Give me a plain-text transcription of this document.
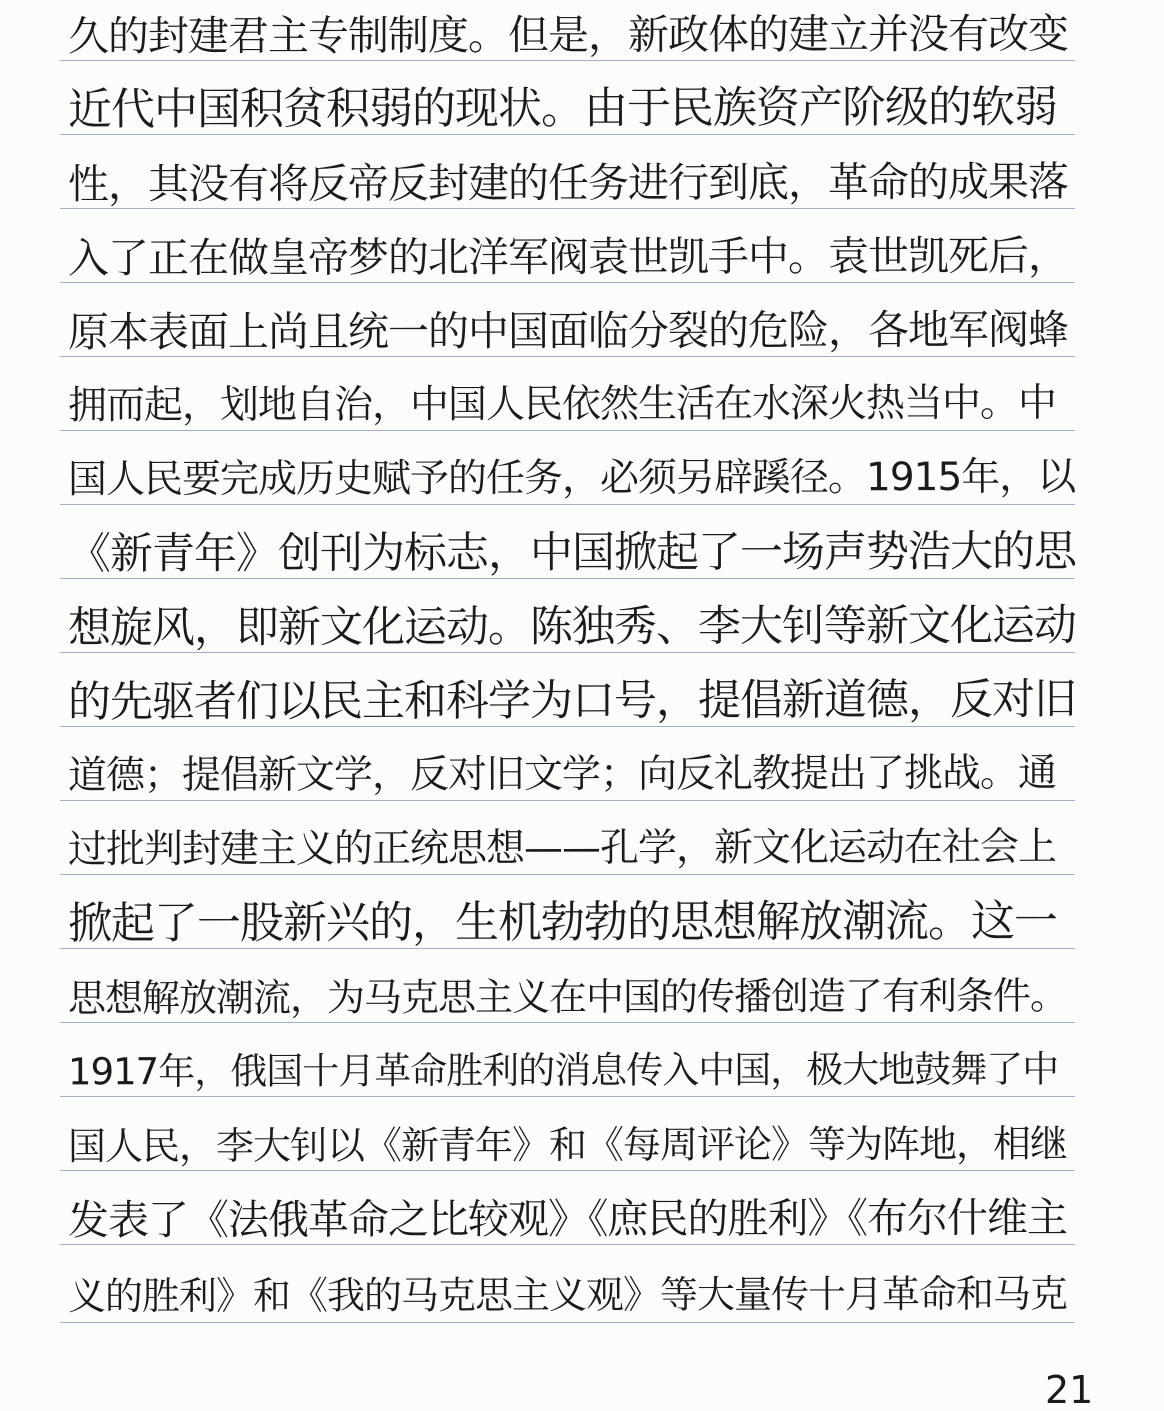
久的封建君主专制制度。但是，新政体的建立并没有改变
近代中国积贫积弱的现状。由于民族资产阶级的软弱
性，其没有将反帝反封建的任务进行到底，革命的成果落
入了正在做皇帝梦的北洋军阀袁世凯手中。袁世凯死后，
原本表面上尚且统一的中国面临分裂的危险，各地军阀蜂
拥而起，划地自治，中国人民依然生活在水深火热当中。中
国人民要完成历史赋予的任务，必须另辟蹊径。1915年，以
《新青年》创刊为标志，中国掀起了一场声势浩大的思
想旋风，即新文化运动。陈独秀、李大钊等新文化运动
的先驱者们以民主和科学为口号，提倡新道德，反对旧
道德；提倡新文学，反对旧文学；向反礼教提出了挑战。通
过批判封建主义的正统思想——孔学，新文化运动在社会上
掀起了一股新兴的，生机勃勃的思想解放潮流。这一
思想解放潮流，为马克思主义在中国的传播创造了有利条件。
1917年，俄国十月革命胜利的消息传入中国，极大地鼓舞了中
国人民，李大钊以《新青年》和《每周评论》等为阵地，相继
发表了《法俄革命之比较观》《庶民的胜利》《布尔什维主
义的胜利》和《我的马克思主义观》等大量传十月革命和马克
21
